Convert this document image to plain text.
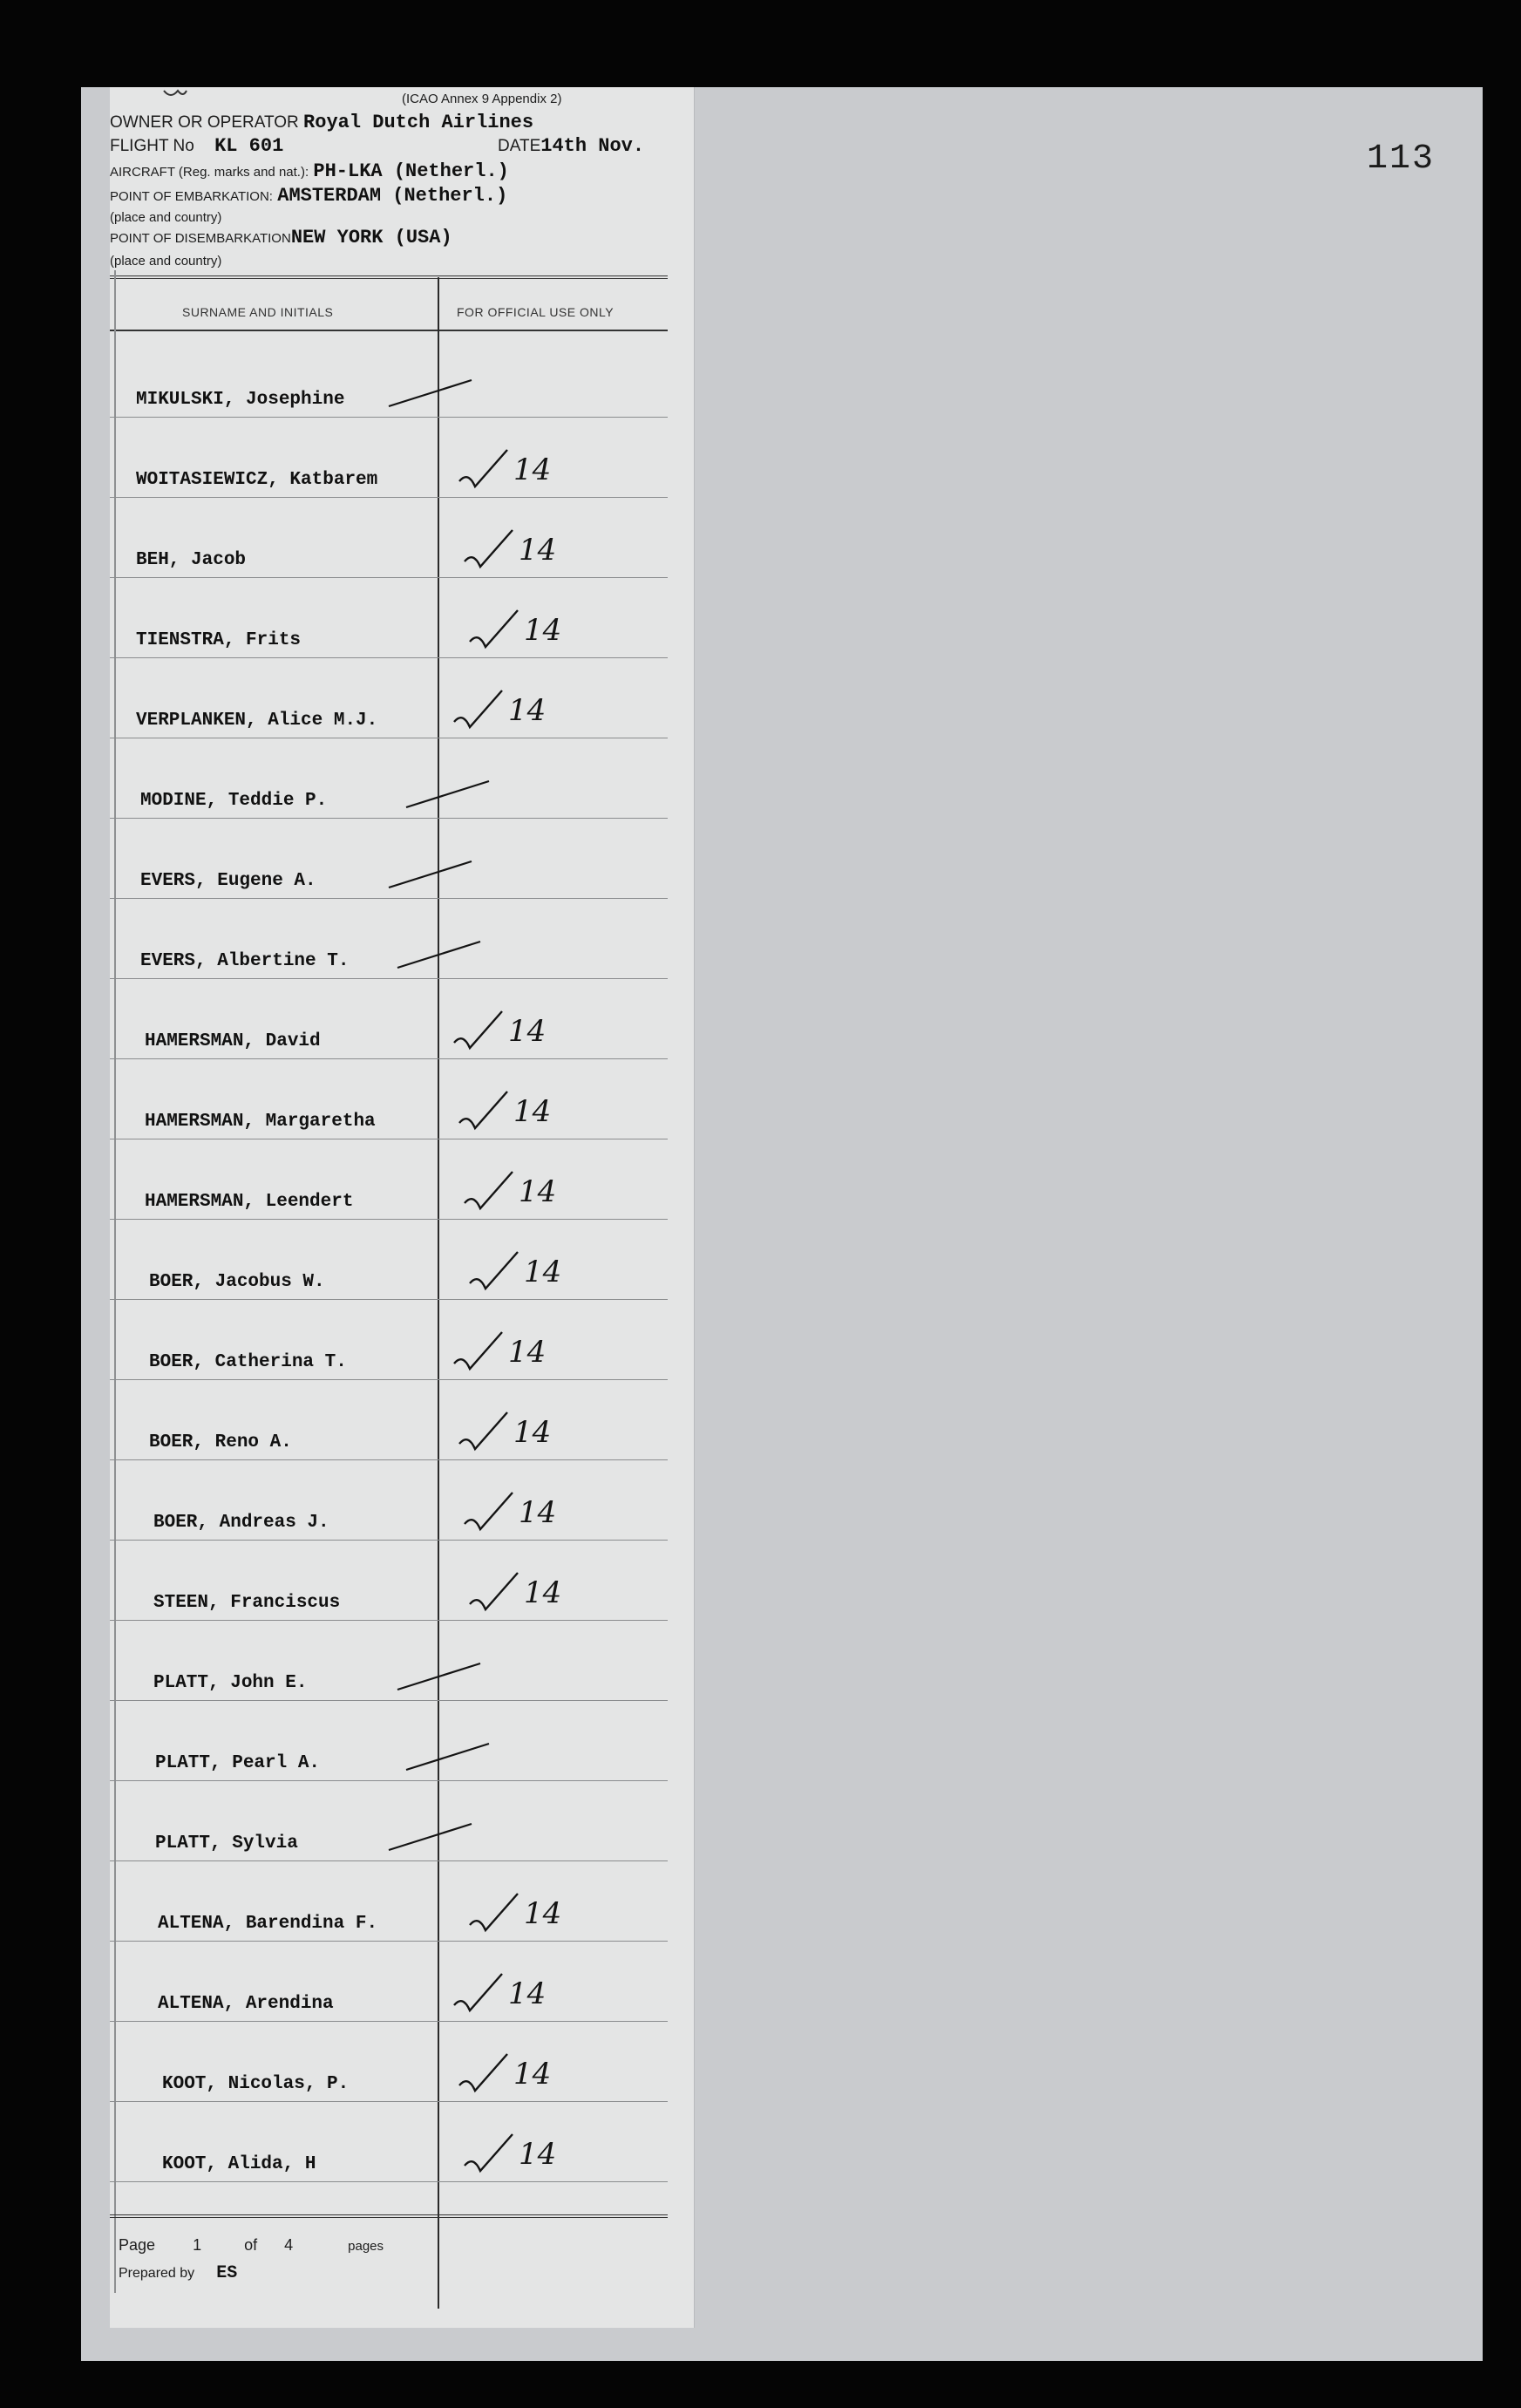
113
(ICAO Annex 9 Appendix 2)
OWNER OR OPERATOR Royal Dutch Airlines
FLIGHT No KL 601	DATE14th Nov.
AIRCRAFT (Reg. marks and nat.): PH-LKA (Netherl.)
POINT OF EMBARKATION: AMSTERDAM (Netherl.)
(place and country)
POINT OF DISEMBARKATIONNEW YORK (USA)
(place and country)
SURNAME AND INITIALS	FOR OFFICIAL USE ONLY
MIKULSKI, Josephine
WOITASIEWICZ, Katbarem	14
BEH, Jacob	14
TIENSTRA, Frits	14
VERPLANKEN, Alice M.J.	14
MODINE, Teddie P.
EVERS, Eugene A.
EVERS, Albertine T.
HAMERSMAN, David	14
HAMERSMAN, Margaretha	14
HAMERSMAN, Leendert	14
BOER, Jacobus W.	14
BOER, Catherina T.	14
BOER, Reno A.	14
BOER, Andreas J.	14
STEEN, Franciscus	14
PLATT, John E.
PLATT, Pearl A.
PLATT, Sylvia
ALTENA, Barendina F.	14
ALTENA, Arendina	14
KOOT, Nicolas, P.	14
KOOT, Alida, H	14
Page 1	of 4	pages
Prepared by ES
